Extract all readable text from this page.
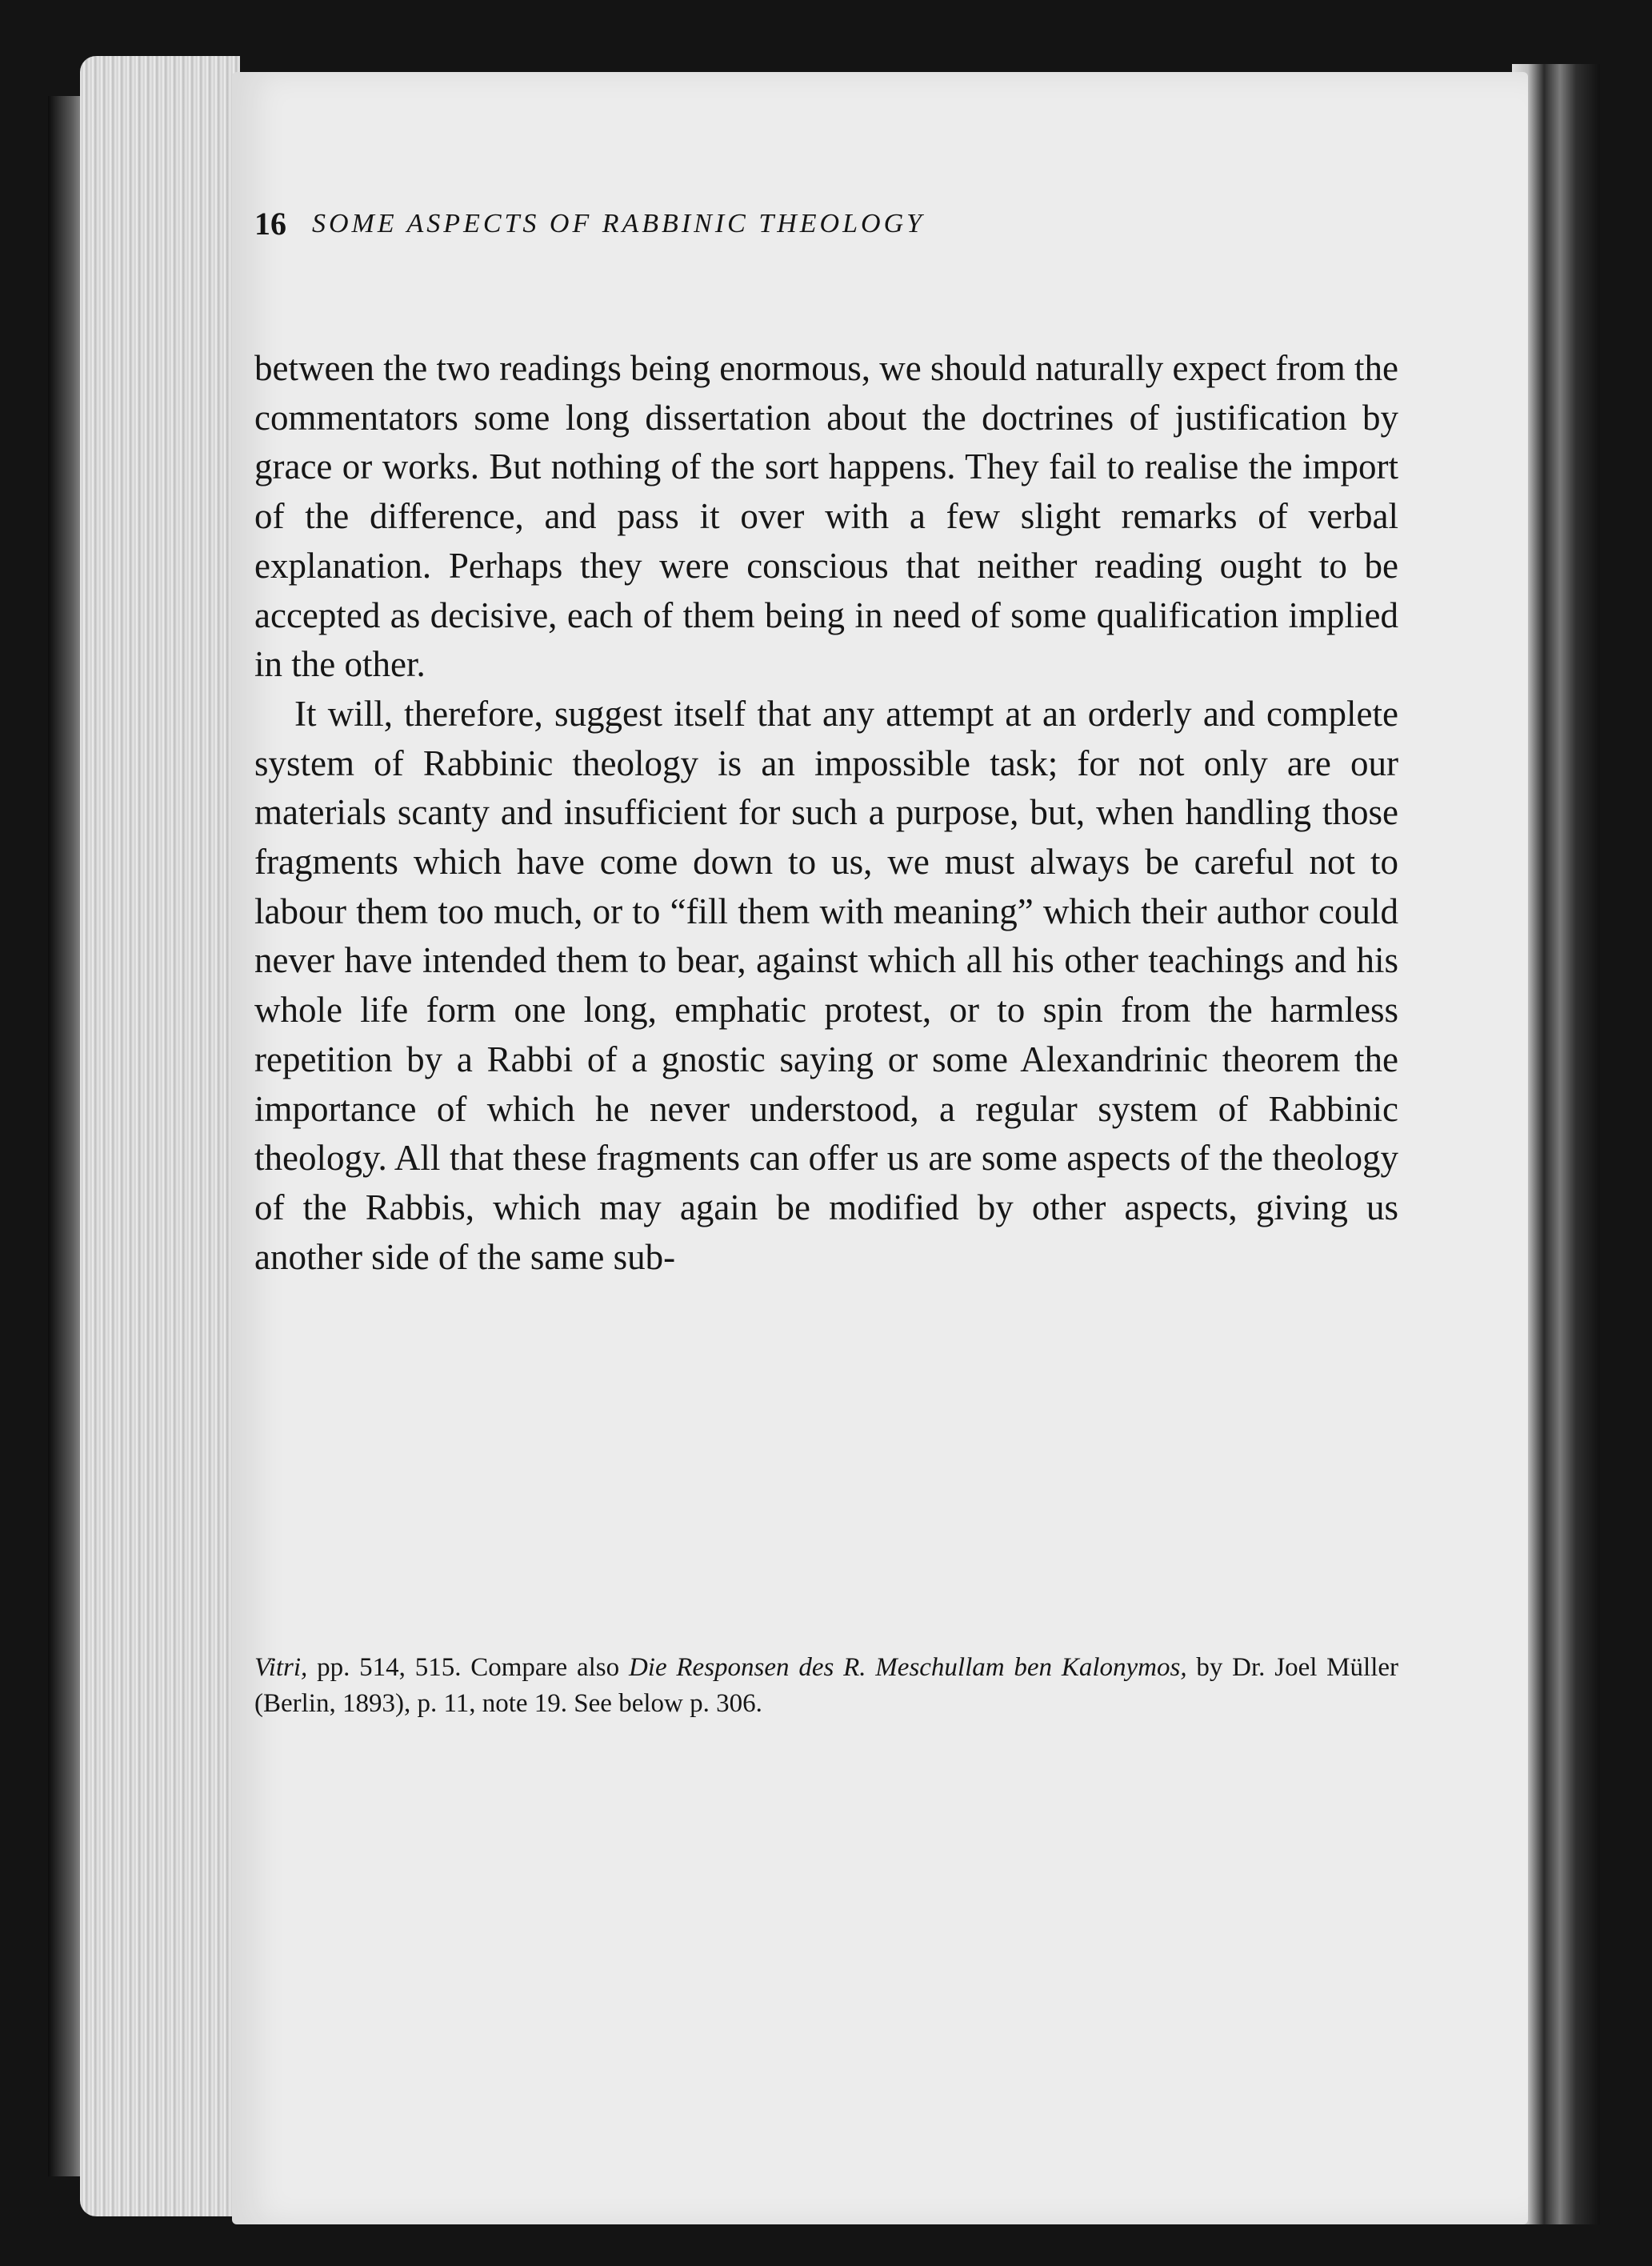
16 SOME ASPECTS OF RABBINIC THEOLOGY

between the two readings being enormous, we should naturally expect from the commentators some long dissertation about the doctrines of justification by grace or works. But nothing of the sort happens. They fail to realise the import of the difference, and pass it over with a few slight remarks of verbal explanation. Perhaps they were conscious that neither reading ought to be accepted as decisive, each of them being in need of some qualification implied in the other.

It will, therefore, suggest itself that any attempt at an orderly and complete system of Rabbinic theology is an impossible task; for not only are our materials scanty and insufficient for such a purpose, but, when handling those fragments which have come down to us, we must always be careful not to labour them too much, or to “fill them with meaning” which their author could never have intended them to bear, against which all his other teachings and his whole life form one long, emphatic protest, or to spin from the harmless repetition by a Rabbi of a gnostic saying or some Alexandrinic theorem the importance of which he never understood, a regular system of Rabbinic theology. All that these fragments can offer us are some aspects of the theology of the Rabbis, which may again be modified by other aspects, giving us another side of the same sub-

Vitri, pp. 514, 515. Compare also Die Responsen des R. Meschullam ben Kalonymos, by Dr. Joel Müller (Berlin, 1893), p. 11, note 19. See below p. 306.
